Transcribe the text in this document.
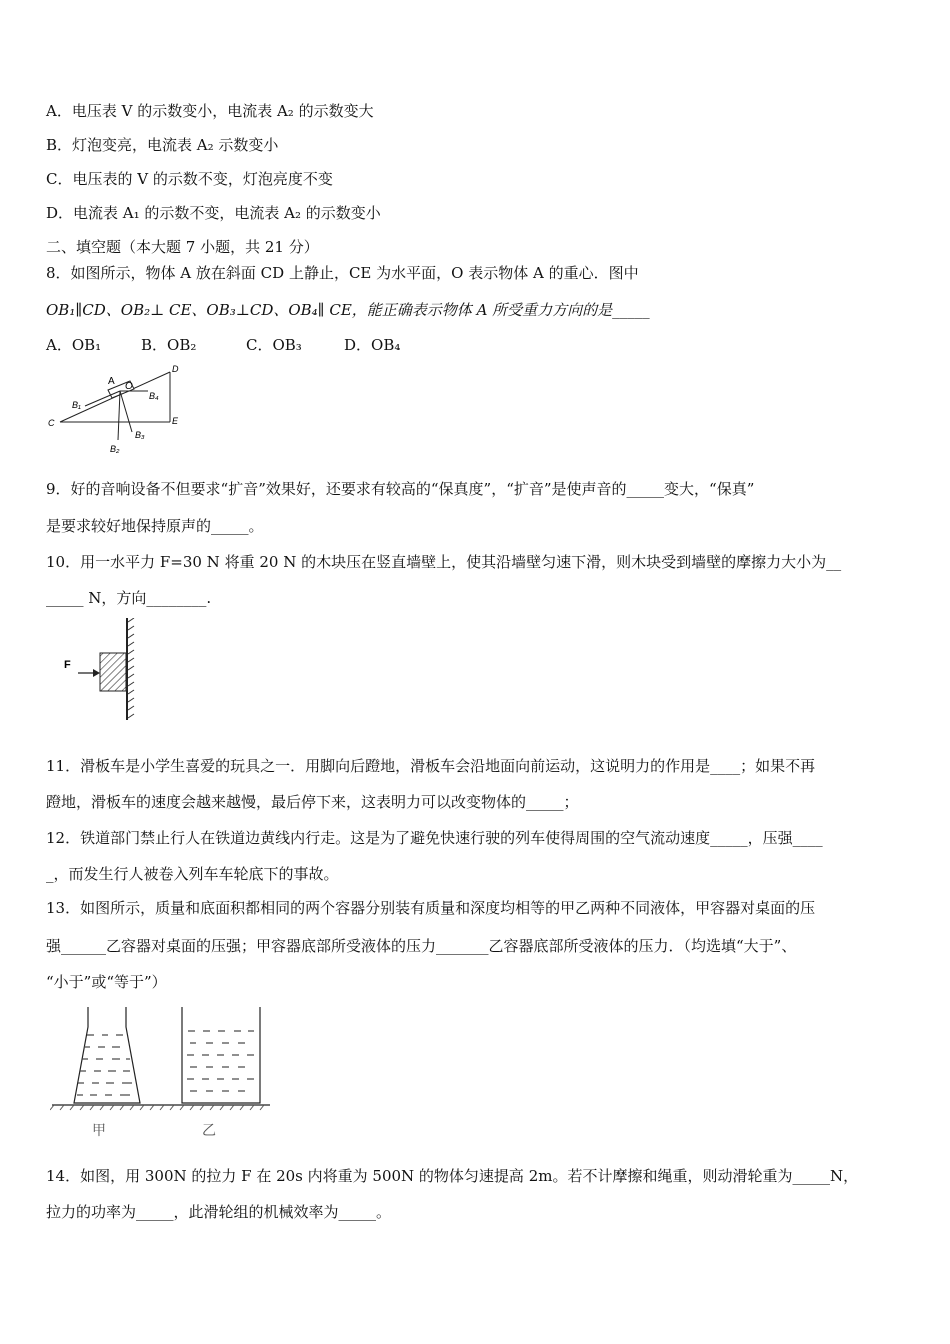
A．电压表 V 的示数变小，电流表 A₂ 的示数变大
B．灯泡变亮，电流表 A₂ 示数变小
C．电压表的 V 的示数不变，灯泡亮度不变
D．电流表 A₁ 的示数不变，电流表 A₂ 的示数变小
二、填空题（本大题 7 小题，共 21 分）
8．如图所示，物体 A 放在斜面 CD 上静止，CE 为水平面，O 表示物体 A 的重心．图中
OB₁∥CD、OB₂⊥ CE、OB₃⊥CD、OB₄∥ CE，能正确表示物体 A 所受重力方向的是_____
A．OB₁	B．OB₂	C．OB₃	D．OB₄
A O
B₁
B₂
B₃
B₄
C
D
E
9．好的音响设备不但要求“扩音”效果好，还要求有较高的“保真度”，“扩音”是使声音的_____变大，“保真”
是要求较好地保持原声的_____。
10．用一水平力 F=30 N 将重 20 N 的木块压在竖直墙壁上，使其沿墙壁匀速下滑，则木块受到墙壁的摩擦力大小为__
_____ N，方向________.
F
11．滑板车是小学生喜爱的玩具之一．用脚向后蹬地，滑板车会沿地面向前运动，这说明力的作用是____；如果不再
蹬地，滑板车的速度会越来越慢，最后停下来，这表明力可以改变物体的_____；
12．铁道部门禁止行人在铁道边黄线内行走。这是为了避免快速行驶的列车使得周围的空气流动速度_____，压强____
_，而发生行人被卷入列车车轮底下的事故。
13．如图所示，质量和底面积都相同的两个容器分别装有质量和深度均相等的甲乙两种不同液体，甲容器对桌面的压
强______乙容器对桌面的压强；甲容器底部所受液体的压力_______乙容器底部所受液体的压力．（均选填“大于”、
“小于”或“等于”）
甲	乙
14．如图，用 300N 的拉力 F 在 20s 内将重为 500N 的物体匀速提高 2m。若不计摩擦和绳重，则动滑轮重为_____N，
拉力的功率为_____，此滑轮组的机械效率为_____。
